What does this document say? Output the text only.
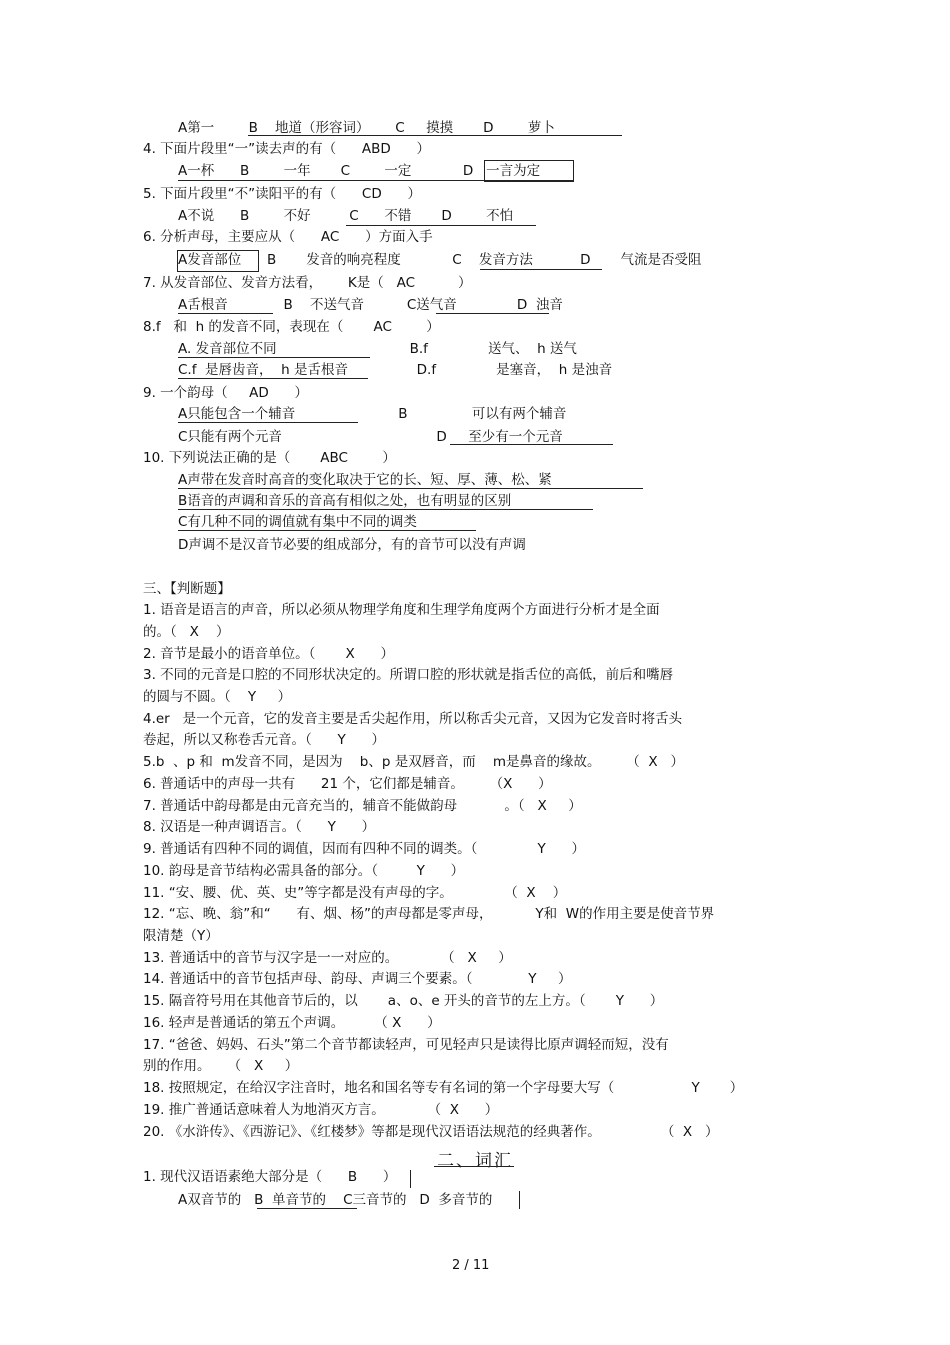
A第一        B    地道（形容词）      C     摸摸       D        萝卜
4. 下面片段里“一”读去声的有（      ABD      ）
A一杯      B        一年       C        一定            D   一言为定
5. 下面片段里“不”读阳平的有（      CD      ）
A不说      B        不好         C      不错       D        不怕
6. 分析声母，主要应从（      AC      ）方面入手
A发音部位      B       发音的响亮程度            C    发音方法           D       气流是否受阻
7. 从发音部位、发音方法看，      K是（   AC          ）
A舌根音             B    不送气音          C送气音              D  浊音
8.f   和  h 的发音不同，表现在（       AC        ）
A. 发音部位不同                               B.f              送气、  h 送气
C.f  是唇齿音，  h 是舌根音                D.f              是塞音，  h 是浊音
9. 一个韵母（     AD      ）
A只能包含一个辅音                        B               可以有两个辅音
C只能有两个元音                                    D     至少有一个元音
10. 下列说法正确的是（       ABC        ）
A声带在发音时高音的变化取决于它的长、短、厚、薄、松、紧
B语音的声调和音乐的音高有相似之处，也有明显的区别
C有几种不同的调值就有集中不同的调类
D声调不是汉音节必要的组成部分，有的音节可以没有声调
三、【判断题】
1. 语音是语言的声音，所以必须从物理学角度和生理学角度两个方面进行分析才是全面
的。（   X    ）
2. 音节是最小的语音单位。（       X      ）
3. 不同的元音是口腔的不同形状决定的。所谓口腔的形状就是指舌位的高低，前后和嘴唇
的圆与不圆。（    Y     ）
4.er   是一个元音，它的发音主要是舌尖起作用，所以称舌尖元音，又因为它发音时将舌头
卷起，所以又称卷舌元音。（      Y      ）
5.b  、p 和  m发音不同，是因为    b、p 是双唇音，而    m是鼻音的缘故。      （  X   ）
6. 普通话中的声母一共有      21 个，它们都是辅音。      （X      ）
7. 普通话中韵母都是由元音充当的，辅音不能做韵母           。（   X     ）
8. 汉语是一种声调语言。（      Y      ）
9. 普通话有四种不同的调值，因而有四种不同的调类。（              Y      ）
10. 韵母是音节结构必需具备的部分。（         Y      ）
11. “安、腰、优、英、史”等字都是没有声母的字。            （  X    ）
12. “忘、晚、翁”和“      有、烟、杨”的声母都是零声母，          Y和  W的作用主要是使音节界
限清楚（Y）
13. 普通话中的音节与汉字是一一对应的。          （   X     ）
14. 普通话中的音节包括声母、韵母、声调三个要素。（             Y     ）
15. 隔音符号用在其他音节后的，以       a、o、e 开头的音节的左上方。（       Y      ）
16. 轻声是普通话的第五个声调。       （ X      ）
17. “爸爸、妈妈、石头”第二个音节都读轻声，可见轻声只是读得比原声调轻而短，没有
别的作用。    （   X     ）
18. 按照规定，在给汉字注音时，地名和国名等专有名词的第一个字母要大写（                  Y       ）
19. 推广普通话意味着人为地消灭方言。          （  X      ）
20. 《水浒传》、《西游记》、《红楼梦》等都是现代汉语语法规范的经典著作。              （  X   ）
二、词汇
1. 现代汉语语素绝大部分是（      B      ）
A双音节的   B  单音节的    C三音节的   D  多音节的
2 / 11
